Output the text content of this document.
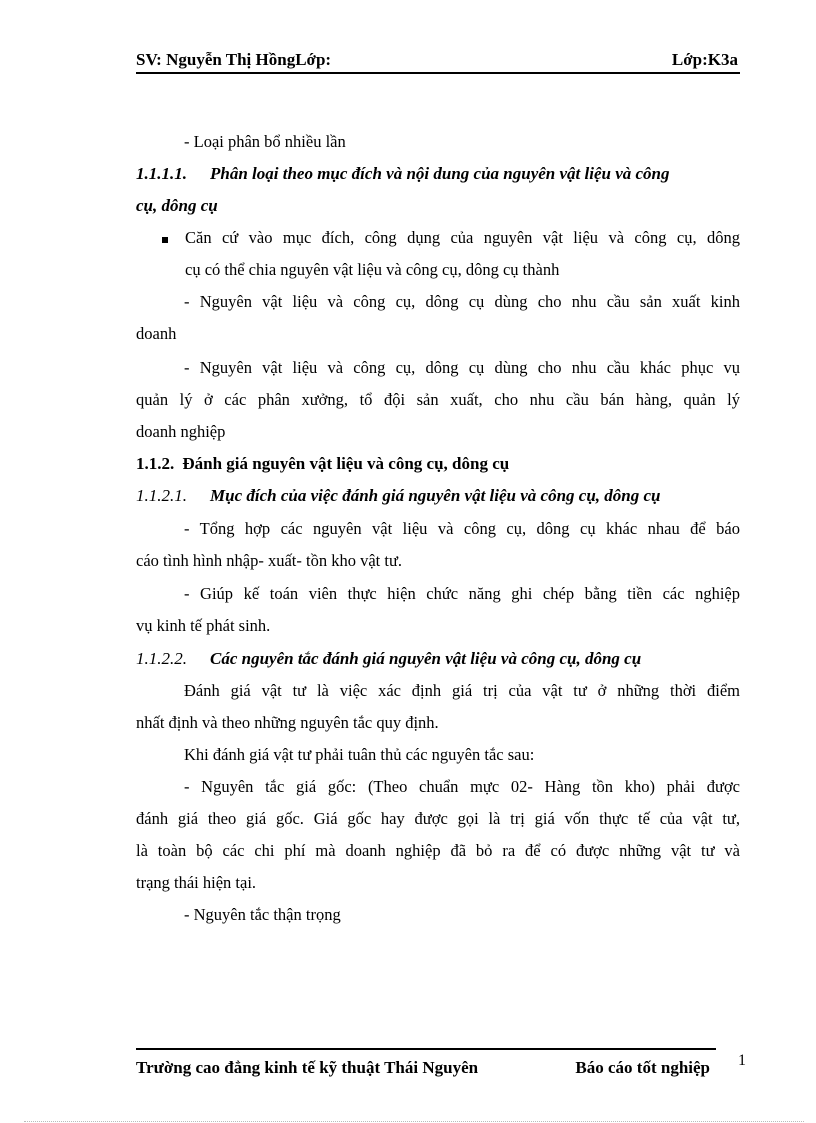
SV: Nguyễn Thị HồngLớp:	Lớp:K3a
- Loại phân bổ nhiều lần
1.1.1.1. Phân loại theo mục đích và nội dung của nguyên vật liệu và công
cụ, dông cụ
Căn cứ vào mục đích, công dụng của nguyên vật liệu và công cụ, dông
cụ có thể chia nguyên vật liệu và công cụ, dông cụ thành
- Nguyên vật liệu và công cụ, dông cụ dùng cho nhu cầu sản xuất kinh
doanh
- Nguyên vật liệu và công cụ, dông cụ dùng cho nhu cầu khác phục vụ
quản lý ở các phân xưởng, tổ đội sản xuất, cho nhu cầu bán hàng, quản lý
doanh nghiệp
1.1.2. Đánh giá nguyên vật liệu và công cụ, dông cụ
1.1.2.1. Mục đích của việc đánh giá nguyên vật liệu và công cụ, dông cụ
- Tổng hợp các nguyên vật liệu và công cụ, dông cụ khác nhau để báo
cáo tình hình nhập- xuất- tồn kho vật tư.
- Giúp kế toán viên thực hiện chức năng ghi chép bằng tiền các nghiệp
vụ kinh tế phát sinh.
1.1.2.2. Các nguyên tắc đánh giá nguyên vật liệu và công cụ, dông cụ
Đánh giá vật tư là việc xác định giá trị của vật tư ở những thời điểm
nhất định và theo những nguyên tắc quy định.
Khi đánh giá vật tư phải tuân thủ các nguyên tắc sau:
- Nguyên tắc giá gốc: (Theo chuẩn mực 02- Hàng tồn kho) phải được
đánh giá theo giá gốc. Giá gốc hay được gọi là trị giá vốn thực tế của vật tư,
là toàn bộ các chi phí mà doanh nghiệp đã bỏ ra để có được những vật tư và
trạng thái hiện tại.
- Nguyên tắc thận trọng
Trường cao đẳng kinh tế kỹ thuật Thái Nguyên	Báo cáo tốt nghiệp 1
